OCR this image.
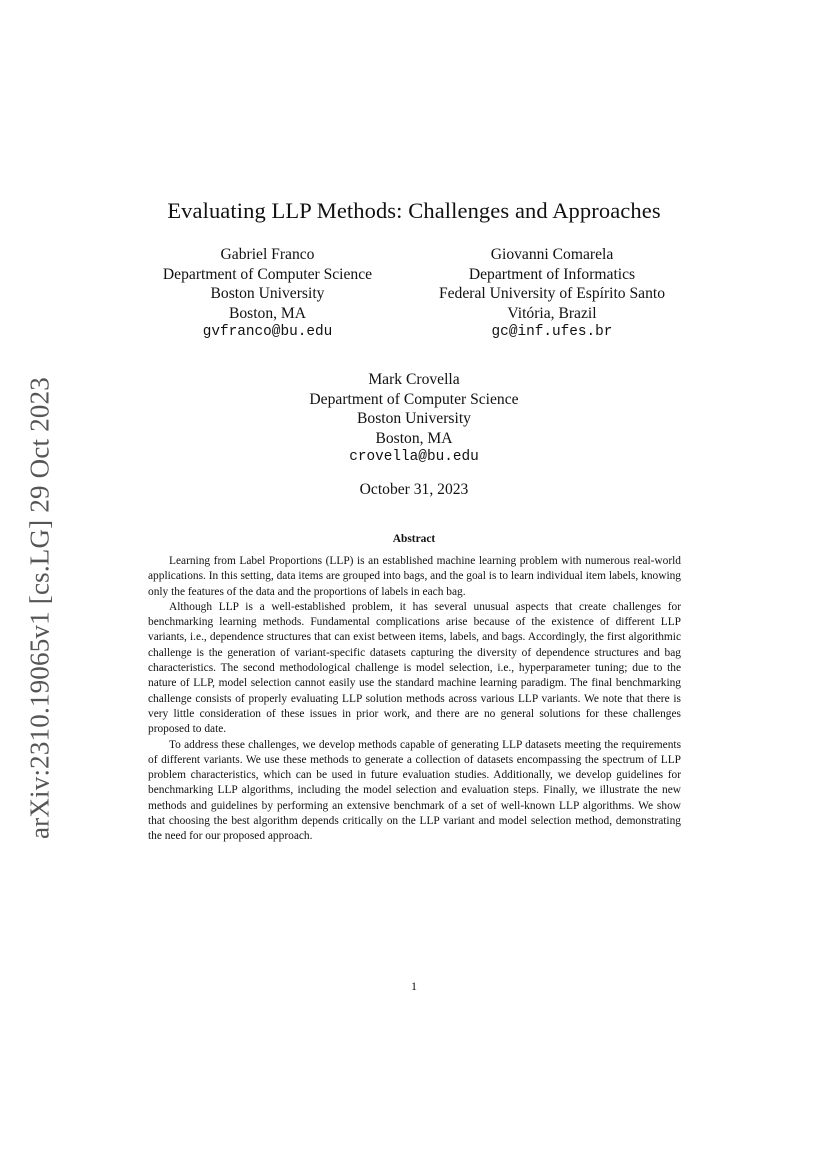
arXiv:2310.19065v1 [cs.LG] 29 Oct 2023
Evaluating LLP Methods: Challenges and Approaches
Gabriel Franco
Department of Computer Science
Boston University
Boston, MA
gvfranco@bu.edu
Giovanni Comarela
Department of Informatics
Federal University of Espírito Santo
Vitória, Brazil
gc@inf.ufes.br
Mark Crovella
Department of Computer Science
Boston University
Boston, MA
crovella@bu.edu
October 31, 2023
Abstract

Learning from Label Proportions (LLP) is an established machine learning problem with numerous real-world applications. In this setting, data items are grouped into bags, and the goal is to learn individual item labels, knowing only the features of the data and the proportions of labels in each bag.

Although LLP is a well-established problem, it has several unusual aspects that create challenges for benchmarking learning methods. Fundamental complications arise because of the existence of different LLP variants, i.e., dependence structures that can exist between items, labels, and bags. Accordingly, the first algorithmic challenge is the generation of variant-specific datasets capturing the diversity of dependence structures and bag characteristics. The second methodological challenge is model selection, i.e., hyperparameter tuning; due to the nature of LLP, model selection cannot easily use the standard machine learning paradigm. The final benchmarking challenge consists of properly evaluating LLP solution methods across various LLP variants. We note that there is very little consideration of these issues in prior work, and there are no general solutions for these challenges proposed to date.

To address these challenges, we develop methods capable of generating LLP datasets meeting the requirements of different variants. We use these methods to generate a collection of datasets encompassing the spectrum of LLP problem characteristics, which can be used in future evaluation studies. Additionally, we develop guidelines for benchmarking LLP algorithms, including the model selection and evaluation steps. Finally, we illustrate the new methods and guidelines by performing an extensive benchmark of a set of well-known LLP algorithms. We show that choosing the best algorithm depends critically on the LLP variant and model selection method, demonstrating the need for our proposed approach.

1
